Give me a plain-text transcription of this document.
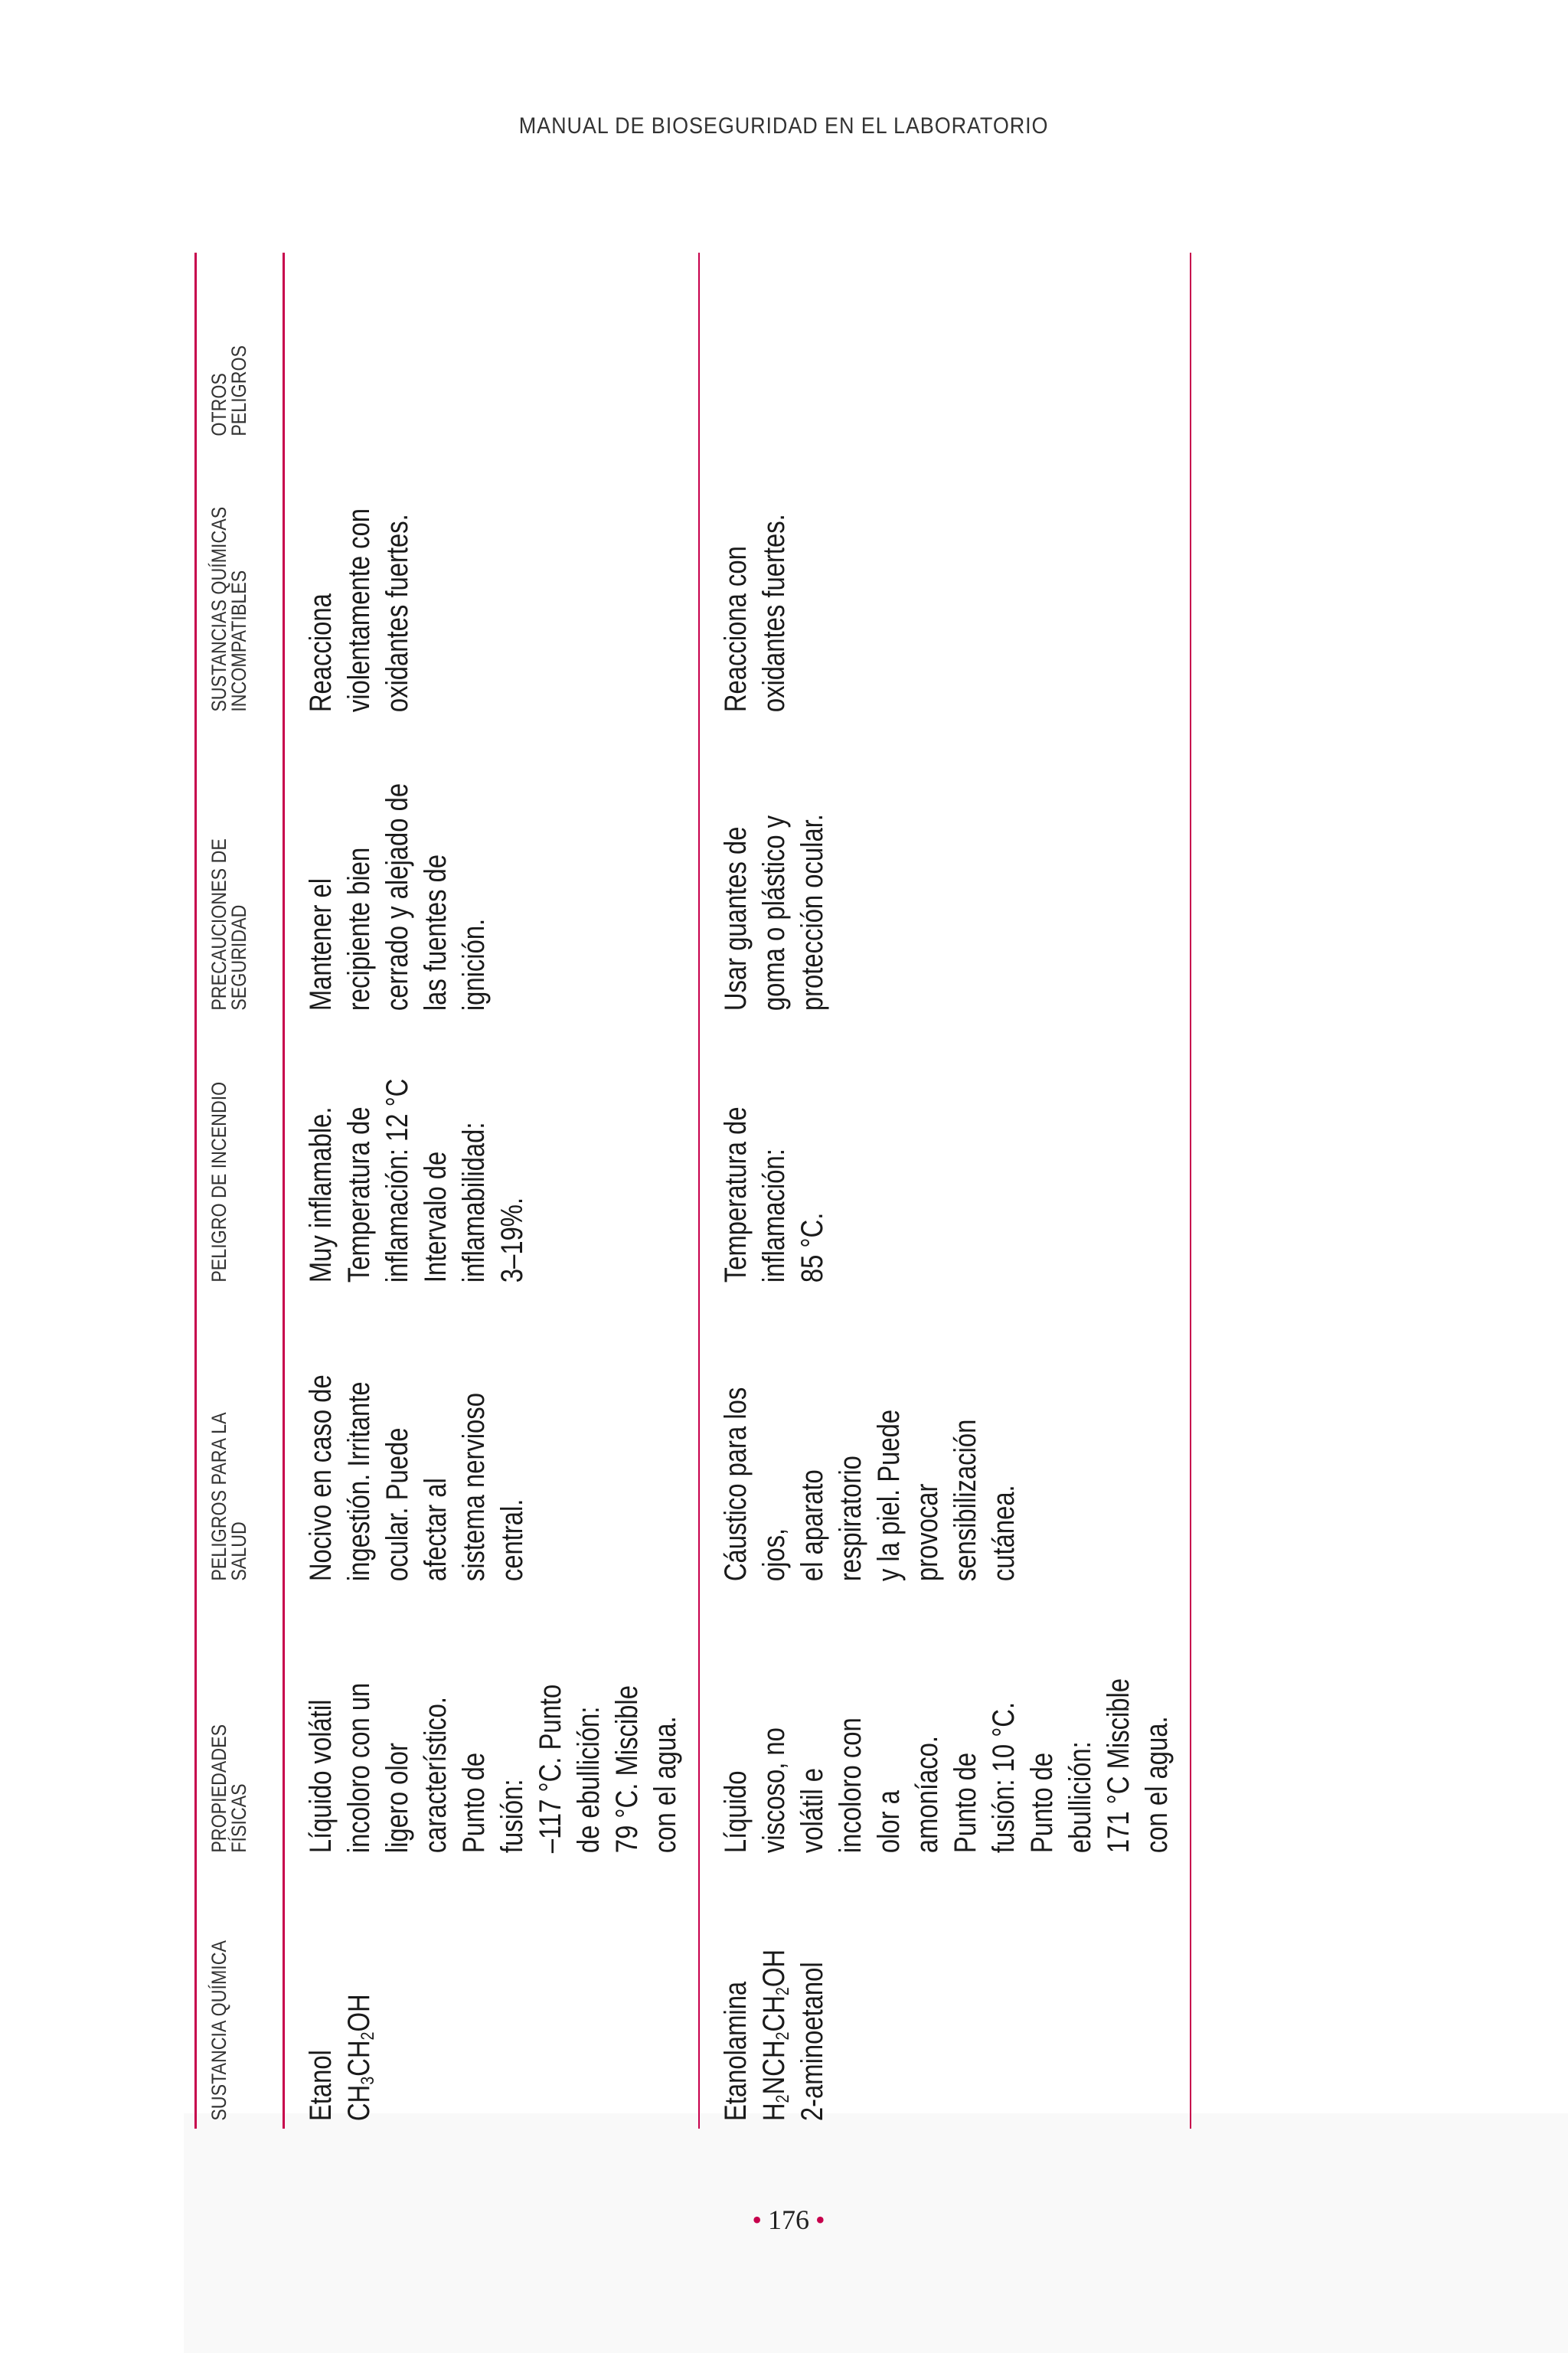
MANUAL DE BIOSEGURIDAD EN EL LABORATORIO
SUSTANCIA QUÍMICA
PROPIEDADES
FÍSICAS
PELIGROS PARA LA
SALUD
PELIGRO DE INCENDIO
PRECAUCIONES DE
SEGURIDAD
SUSTANCIAS QUÍMICAS
INCOMPATIBLES
OTROS PELIGROS
Etanol $CH_3CH_2OH$
Líquido volátil
incoloro con un
ligero olor
característico.
Punto de
fusión:
–117 °C. Punto
de ebullición:
79 °C. Miscible
con el agua.
Nocivo en caso de
ingestión. Irritante
ocular. Puede afectar al
sistema nervioso
central.
Muy inflamable.
Temperatura de
inflamación: 12 °C
Intervalo de
inflamabilidad:
3–19%.
Mantener el
recipiente bien
cerrado y alejado de
las fuentes de
ignición.
Reacciona
violentamente con
oxidantes fuertes.
Etanolamina $H_2NCH_2CH_2OH$ 2-aminoetanol
Líquido
viscoso, no
volátil e
incoloro con
olor a
amoníaco.
Punto de
fusión: 10 °C.
Punto de
ebullición:
171 °C Miscible
con el agua.
Cáustico para los ojos,
el aparato respiratorio
y la piel. Puede
provocar
sensibilización cutánea.
Temperatura de
inflamación:
85 °C.
Usar guantes de
goma o plástico y
protección ocular.
Reacciona con
oxidantes fuertes.
• 176 •
